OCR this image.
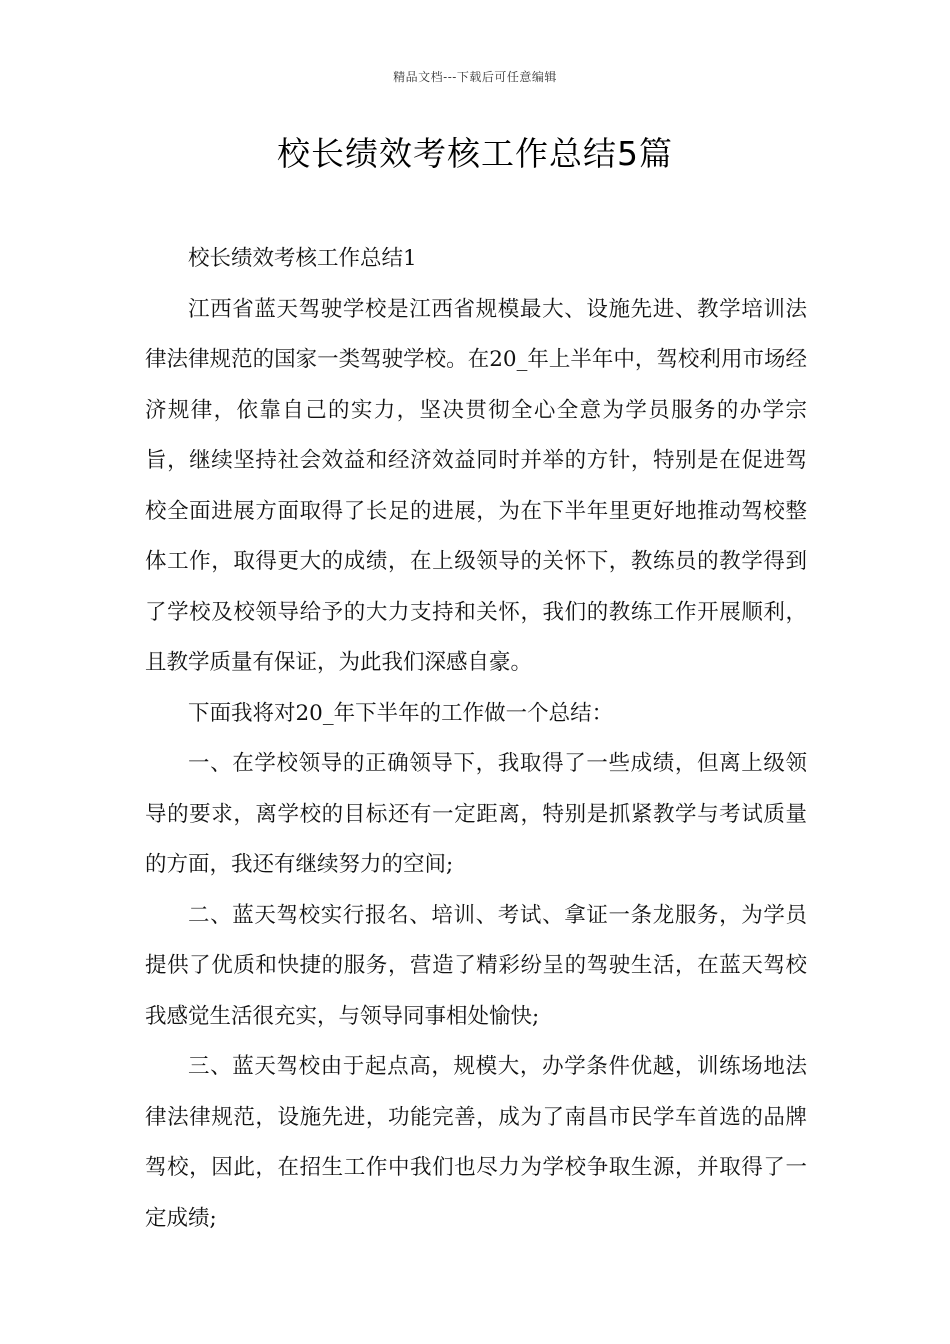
精品文档---下载后可任意编辑
校长绩效考核工作总结5篇

校长绩效考核工作总结1

江西省蓝天驾驶学校是江西省规模最大、设施先进、教学培训法律法律规范的国家一类驾驶学校。在20_年上半年中，驾校利用市场经济规律，依靠自己的实力，坚决贯彻全心全意为学员服务的办学宗旨，继续坚持社会效益和经济效益同时并举的方针，特别是在促进驾校全面进展方面取得了长足的进展，为在下半年里更好地推动驾校整体工作，取得更大的成绩，在上级领导的关怀下，教练员的教学得到了学校及校领导给予的大力支持和关怀，我们的教练工作开展顺利，且教学质量有保证，为此我们深感自豪。

下面我将对20_年下半年的工作做一个总结：

一、在学校领导的正确领导下，我取得了一些成绩，但离上级领导的要求，离学校的目标还有一定距离，特别是抓紧教学与考试质量的方面，我还有继续努力的空间;

二、蓝天驾校实行报名、培训、考试、拿证一条龙服务，为学员提供了优质和快捷的服务，营造了精彩纷呈的驾驶生活，在蓝天驾校我感觉生活很充实，与领导同事相处愉快;

三、蓝天驾校由于起点高，规模大，办学条件优越，训练场地法律法律规范，设施先进，功能完善，成为了南昌市民学车首选的品牌驾校，因此，在招生工作中我们也尽力为学校争取生源，并取得了一定成绩;
